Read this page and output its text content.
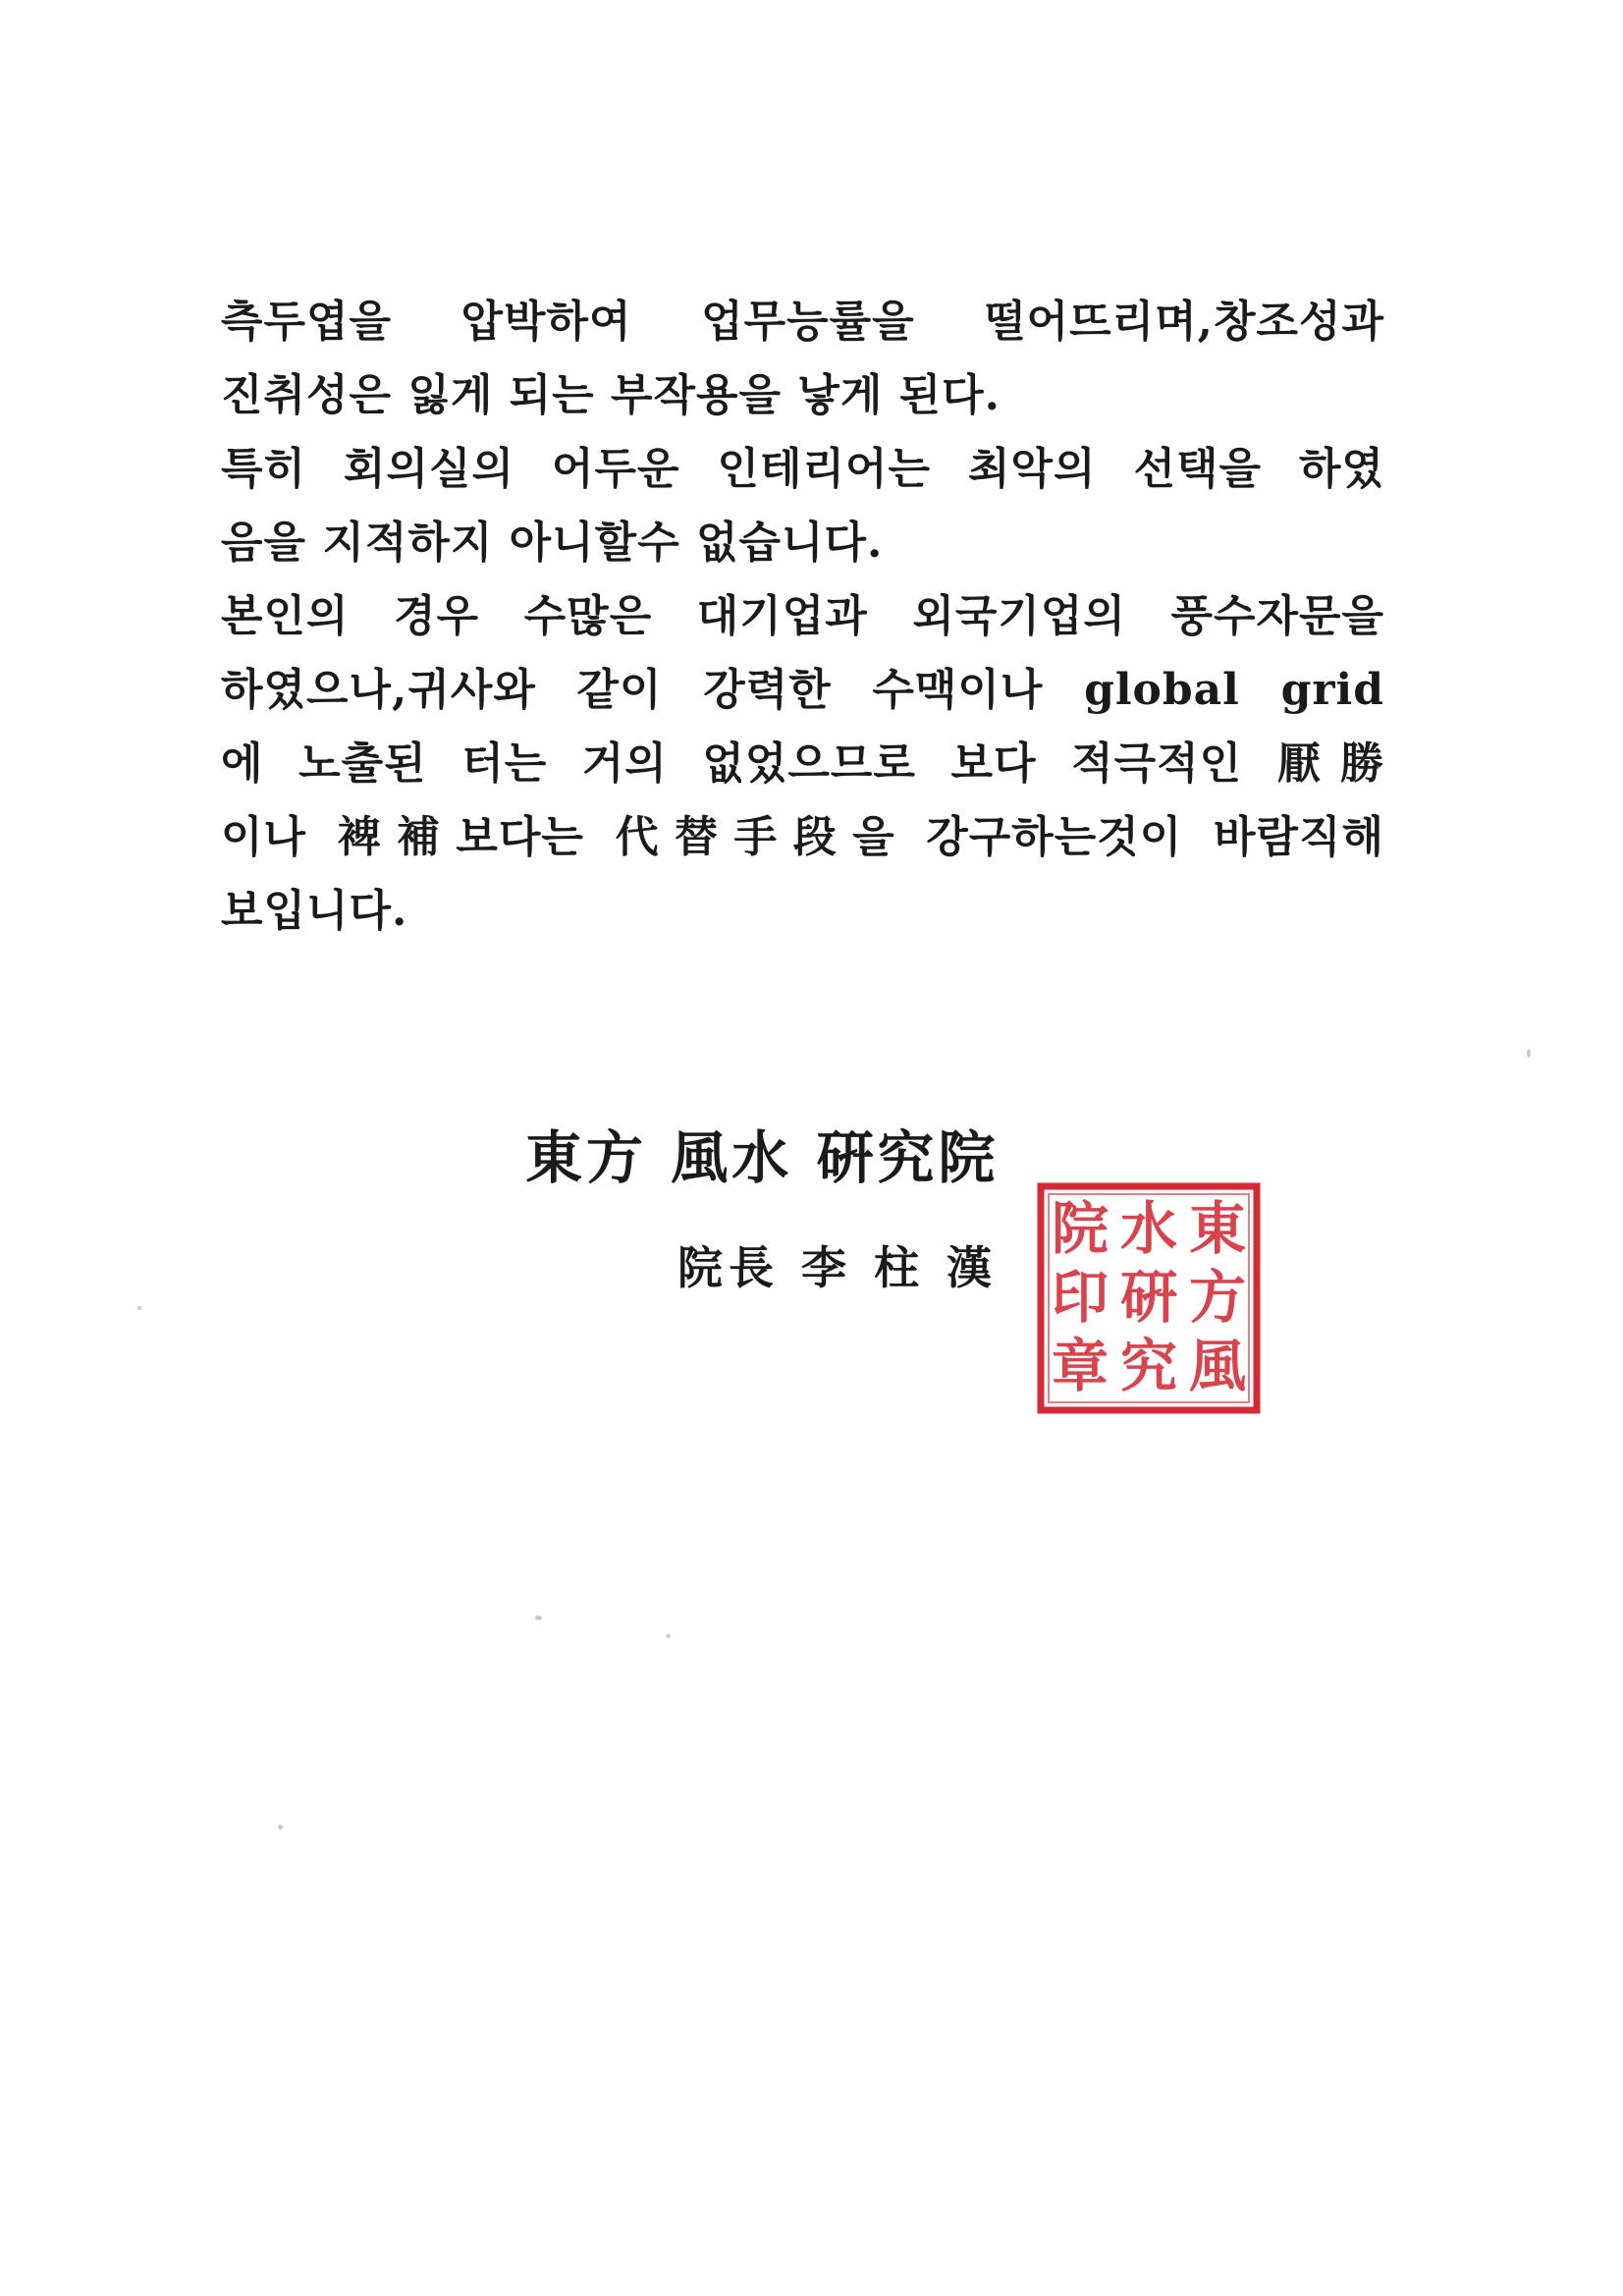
측두엽을 압박하여 업무능률을 떨어뜨리며,창조성과
진취성은 잃게 되는 부작용을 낳게 된다.
특히 회의실의 어두운 인테리어는 최악의 선택을 하였
음을 지적하지 아니할수 없습니다.
본인의 경우 수많은 대기업과 외국기업의 풍수자문을
하였으나,귀사와 같이 강력한 수맥이나 global grid
에 노출된 터는 거의 없었으므로 보다 적극적인 厭勝
이나 裨補보다는 代替手段을 강구하는것이 바람직해
보입니다.
東方 風水 硏究院
院長 李 柱 漢
東
方
風
水
硏
究
院
印
章
